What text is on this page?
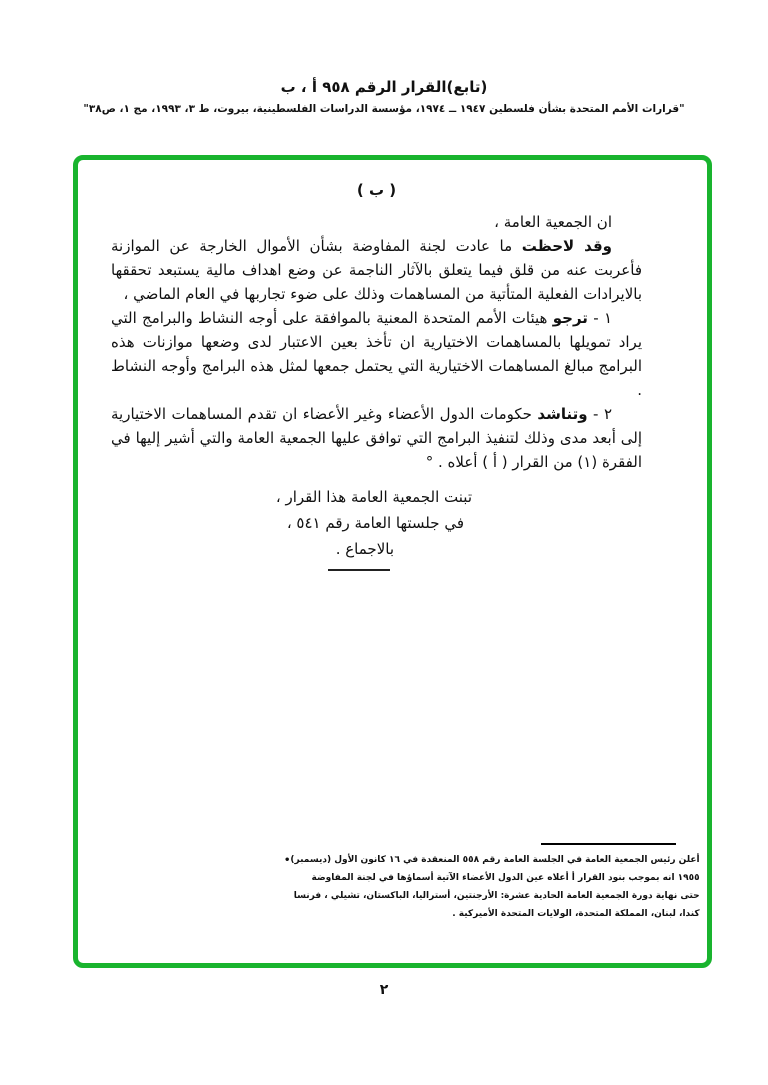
(تابع)القرار الرقم ٩٥٨ أ ، ب
"قرارات الأمم المتحدة بشأن فلسطين ١٩٤٧ ــ ١٩٧٤، مؤسسة الدراسات الفلسطينية، بيروت، ط ٣، ١٩٩٣، مج ١، ص٣٨"

( ب )

ان الجمعية العامة ،

وقد لاحظت ما عادت لجنة المفاوضة بشأن الأموال الخارجة عن الموازنة فأعربت عنه من قلق فيما يتعلق بالآثار الناجمة عن وضع اهداف مالية يستبعد تحققها بالايرادات الفعلية المتأتية من المساهمات وذلك على ضوء تجاربها في العام الماضي ،

١ - ترجو هيئات الأمم المتحدة المعنية بالموافقة على أوجه النشاط والبرامج التي يراد تمويلها بالمساهمات الاختيارية ان تأخذ بعين الاعتبار لدى وضعها موازنات هذه البرامج مبالغ المساهمات الاختيارية التي يحتمل جمعها لمثل هذه البرامج وأوجه النشاط .

٢ - وتناشد حكومات الدول الأعضاء وغير الأعضاء ان تقدم المساهمات الاختيارية إلى أبعد مدى وذلك لتنفيذ البرامج التي توافق عليها الجمعية العامة والتي أشير إليها في الفقرة (١) من القرار ( أ ) أعلاه . °

تبنت الجمعية العامة هذا القرار ،
في جلستها العامة رقم ٥٤١ ،
بالاجماع .
• أعلن رئيس الجمعية العامة في الجلسة العامة رقم ٥٥٨ المنعقدة في ١٦ كانون الأول (ديسمبر)
١٩٥٥ انه بموجب بنود القرار أ أعلاه عين الدول الأعضاء الآتية أسماؤها في لجنة المفاوضة
حتى نهاية دورة الجمعية العامة الحادية عشرة: الأرجنتين، أستراليا، الباكستان، تشيلي ، فرنسا
كندا، لبنان، المملكة المتحدة، الولايات المتحدة الأميركية .
٢
